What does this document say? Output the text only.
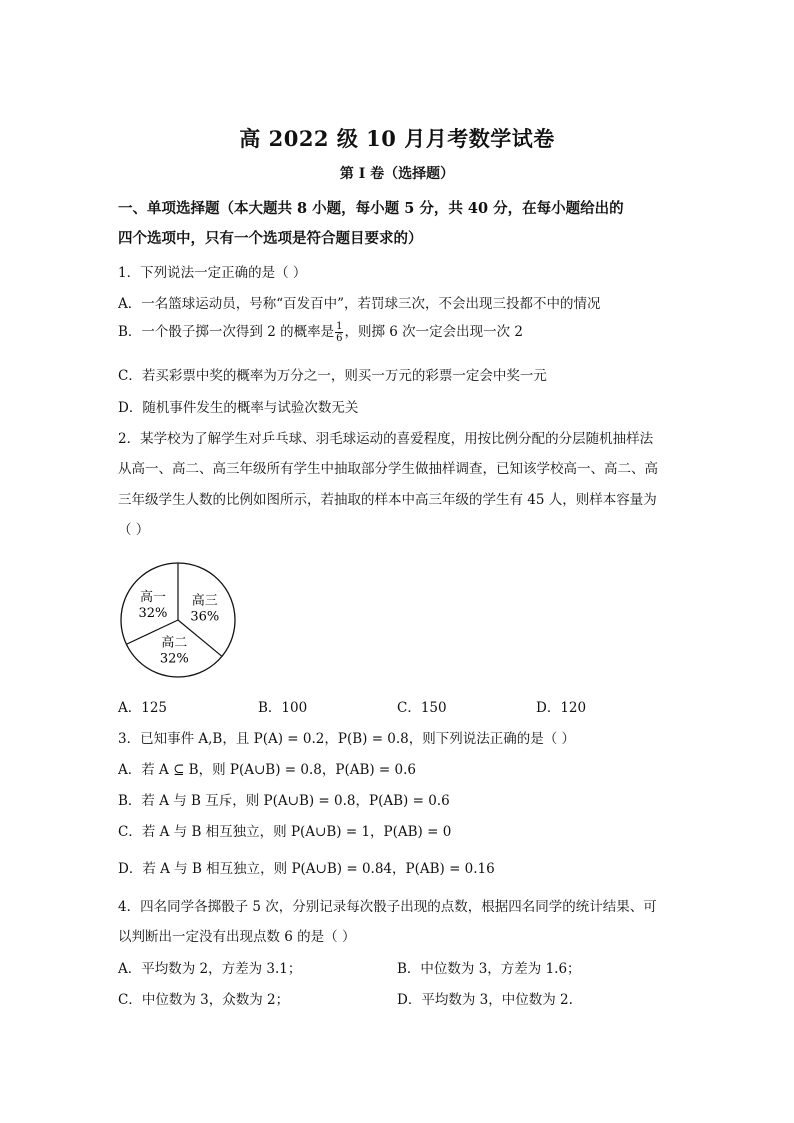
高 2022 级 10 月月考数学试卷
第 I 卷（选择题）
一、单项选择题（本大题共 8 小题，每小题 5 分，共 40 分，在每小题给出的
四个选项中，只有一个选项是符合题目要求的）
1．下列说法一定正确的是（ ）
A．一名篮球运动员，号称“百发百中”，若罚球三次，不会出现三投都不中的情况
B．一个骰子掷一次得到 2 的概率是 $\frac{1}{6}$ ，则掷 6 次一定会出现一次 2
C．若买彩票中奖的概率为万分之一，则买一万元的彩票一定会中奖一元
D．随机事件发生的概率与试验次数无关
2．某学校为了解学生对乒乓球、羽毛球运动的喜爱程度，用按比例分配的分层随机抽样法
从高一、高二、高三年级所有学生中抽取部分学生做抽样调查，已知该学校高一、高二、高
三年级学生人数的比例如图所示，若抽取的样本中高三年级的学生有 45 人，则样本容量为
（ ）
高三
36%
高二
32%
高一
32%
A．125	B．100	C．150	D．120
3．已知事件 A,B，且 P(A) = 0.2，P(B) = 0.8，则下列说法正确的是（ ）
A．若 A ⊆ B，则 P(A∪B) = 0.8，P(AB) = 0.6
B．若 A 与 B 互斥，则 P(A∪B) = 0.8，P(AB) = 0.6
C．若 A 与 B 相互独立，则 P(A∪B) = 1，P(AB) = 0
D．若 A 与 B 相互独立，则 P(A∪B) = 0.84，P(AB) = 0.16
4．四名同学各掷骰子 5 次，分别记录每次骰子出现的点数，根据四名同学的统计结果、可
以判断出一定没有出现点数 6 的是（ ）
A．平均数为 2，方差为 3.1；	B．中位数为 3，方差为 1.6；
C．中位数为 3，众数为 2；	D．平均数为 3，中位数为 2.
